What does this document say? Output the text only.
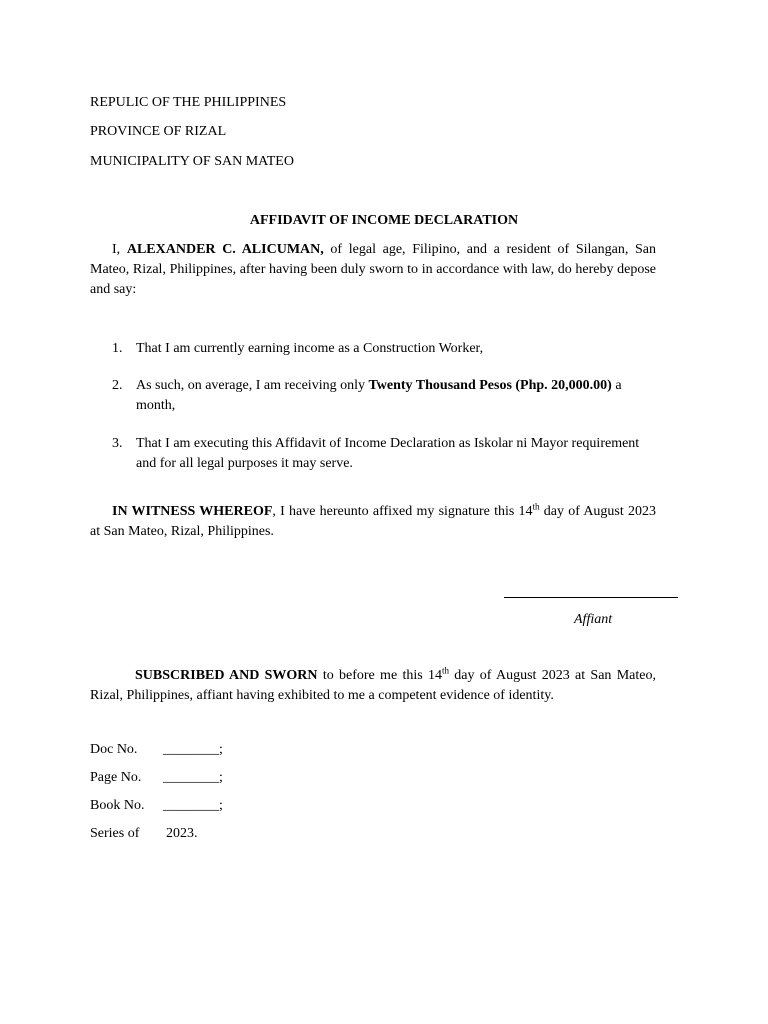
REPULIC OF THE PHILIPPINES
PROVINCE OF RIZAL
MUNICIPALITY OF SAN MATEO
AFFIDAVIT OF INCOME DECLARATION
I, ALEXANDER C. ALICUMAN, of legal age, Filipino, and a resident of Silangan, San Mateo, Rizal, Philippines, after having been duly sworn to in accordance with law, do hereby depose and say:
1. That I am currently earning income as a Construction Worker,
2. As such, on average, I am receiving only Twenty Thousand Pesos (Php. 20,000.00) a month,
3. That I am executing this Affidavit of Income Declaration as Iskolar ni Mayor requirement and for all legal purposes it may serve.
IN WITNESS WHEREOF, I have hereunto affixed my signature this 14th day of August 2023 at San Mateo, Rizal, Philippines.
Affiant
SUBSCRIBED AND SWORN to before me this 14th day of August 2023 at San Mateo, Rizal, Philippines, affiant having exhibited to me a competent evidence of identity.
Doc No. ________;
Page No. ________;
Book No. ________;
Series of 2023.
